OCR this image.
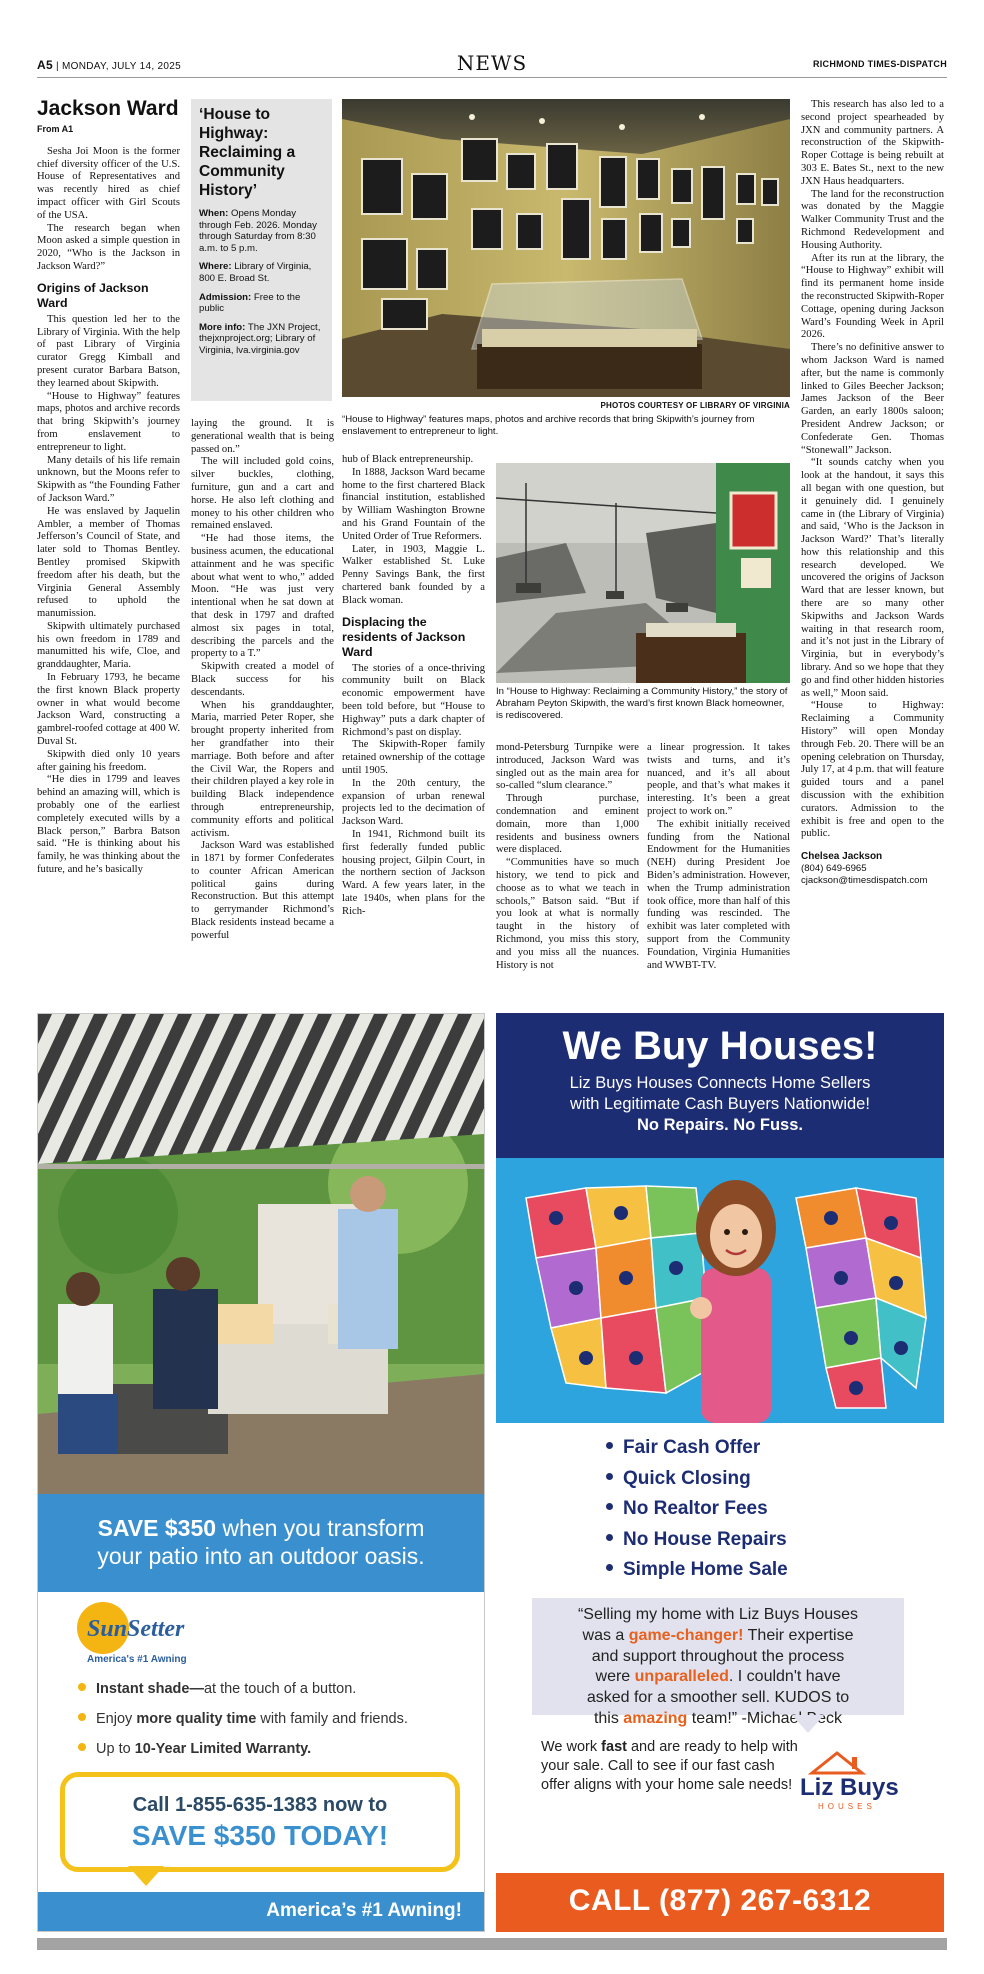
A5 | MONDAY, JULY 14, 2025	NEWS	RICHMOND TIMES-DISPATCH
Jackson Ward
From A1

Sesha Joi Moon is the former chief diversity officer of the U.S. House of Representatives and was recently hired as chief impact officer with Girl Scouts of the USA.

The research began when Moon asked a simple question in 2020, “Who is the Jackson in Jackson Ward?”

Origins of Jackson Ward

This question led her to the Library of Virginia. With the help of past Library of Virginia curator Gregg Kimball and present curator Barbara Batson, they learned about Skipwith.

“House to Highway” features maps, photos and archive records that bring Skipwith’s journey from enslavement to entrepreneur to light.

Many details of his life remain unknown, but the Moons refer to Skipwith as “the Founding Father of Jackson Ward.”

He was enslaved by Jaquelin Ambler, a member of Thomas Jefferson’s Council of State, and later sold to Thomas Bentley. Bentley promised Skipwith freedom after his death, but the Virginia General Assembly refused to uphold the manumission.

Skipwith ultimately purchased his own freedom in 1789 and manumitted his wife, Cloe, and granddaughter, Maria.

In February 1793, he became the first known Black property owner in what would become Jackson Ward, constructing a gambrel-roofed cottage at 400 W. Duval St.

Skipwith died only 10 years after gaining his freedom.

“He dies in 1799 and leaves behind an amazing will, which is probably one of the earliest completely executed wills by a Black person,” Barbra Batson said. “He is thinking about his family, he was thinking about the future, and he’s basically

‘House to Highway: Reclaiming a Community History’
When: Opens Monday through Feb. 2026. Monday through Saturday from 8:30 a.m. to 5 p.m.
Where: Library of Virginia, 800 E. Broad St.
Admission: Free to the public
More info: The JXN Project, thejxnproject.org; Library of Virginia, lva.virginia.gov

laying the ground. It is generational wealth that is being passed on.”

The will included gold coins, silver buckles, clothing, furniture, gun and a cart and horse. He also left clothing and money to his other children who remained enslaved.

“He had those items, the business acumen, the educational attainment and he was specific about what went to who,” added Moon. “He was just very intentional when he sat down at that desk in 1797 and drafted almost six pages in total, describing the parcels and the property to a T.”

Skipwith created a model of Black success for his descendants.

When his granddaughter, Maria, married Peter Roper, she brought property inherited from her grandfather into their marriage. Both before and after the Civil War, the Ropers and their children played a key role in building Black independence through entrepreneurship, community efforts and political activism.

Jackson Ward was established in 1871 by former Confederates to counter African American political gains during Reconstruction. But this attempt to gerrymander Richmond’s Black residents instead became a powerful

PHOTOS COURTESY OF LIBRARY OF VIRGINIA
“House to Highway” features maps, photos and archive records that bring Skipwith’s journey from enslavement to entrepreneur to light.

hub of Black entrepreneurship.

In 1888, Jackson Ward became home to the first chartered Black financial institution, established by William Washington Browne and his Grand Fountain of the United Order of True Reformers.

Later, in 1903, Maggie L. Walker established St. Luke Penny Savings Bank, the first chartered bank founded by a Black woman.

Displacing the residents of Jackson Ward

The stories of a once-thriving community built on Black economic empowerment have been told before, but “House to Highway” puts a dark chapter of Richmond’s past on display.

The Skipwith-Roper family retained ownership of the cottage until 1905.

In the 20th century, the expansion of urban renewal projects led to the decimation of Jackson Ward.

In 1941, Richmond built its first federally funded public housing project, Gilpin Court, in the northern section of Jackson Ward. A few years later, in the late 1940s, when plans for the Rich-

In “House to Highway: Reclaiming a Community History,” the story of Abraham Peyton Skipwith, the ward’s first known Black homeowner, is rediscovered.

mond-Petersburg Turnpike were introduced, Jackson Ward was singled out as the main area for so-called “slum clearance.”

Through purchase, condemnation and eminent domain, more than 1,000 residents and business owners were displaced.

“Communities have so much history, we tend to pick and choose as to what we teach in schools,” Batson said. “But if you look at what is normally taught in the history of Richmond, you miss this story, and you miss all the nuances. History is not

a linear progression. It takes twists and turns, and it’s nuanced, and it’s all about people, and that’s what makes it interesting. It’s been a great project to work on.”

The exhibit initially received funding from the National Endowment for the Humanities (NEH) during President Joe Biden’s administration. However, when the Trump administration took office, more than half of this funding was rescinded. The exhibit was later completed with support from the Community Foundation, Virginia Humanities and WWBT-TV.

This research has also led to a second project spearheaded by JXN and community partners. A reconstruction of the Skipwith-Roper Cottage is being rebuilt at 303 E. Bates St., next to the new JXN Haus headquarters.

The land for the reconstruction was donated by the Maggie Walker Community Trust and the Richmond Redevelopment and Housing Authority.

After its run at the library, the “House to Highway” exhibit will find its permanent home inside the reconstructed Skipwith-Roper Cottage, opening during Jackson Ward’s Founding Week in April 2026.

There’s no definitive answer to whom Jackson Ward is named after, but the name is commonly linked to Giles Beecher Jackson; James Jackson of the Beer Garden, an early 1800s saloon; President Andrew Jackson; or Confederate Gen. Thomas “Stonewall” Jackson.

“It sounds catchy when you look at the handout, it says this all began with one question, but it genuinely did. I genuinely came in (the Library of Virginia) and said, ‘Who is the Jackson in Jackson Ward?’ That’s literally how this relationship and this research developed. We uncovered the origins of Jackson Ward that are lesser known, but there are so many other Skipwiths and Jackson Wards waiting in that research room, and it’s not just in the Library of Virginia, but in everybody’s library. And so we hope that they go and find other hidden histories as well,” Moon said.

“House to Highway: Reclaiming a Community History” will open Monday through Feb. 20. There will be an opening celebration on Thursday, July 17, at 4 p.m. that will feature guided tours and a panel discussion with the exhibition curators. Admission to the exhibit is free and open to the public.

Chelsea Jackson
(804) 649-6965
cjackson@timesdispatch.com
SAVE $350 when you transform
your patio into an outdoor oasis.
SunSetter
America's #1 Awning
Instant shade—at the touch of a button.
Enjoy more quality time with family and friends.
Up to 10-Year Limited Warranty.
Call 1-855-635-1383 now to
SAVE $350 TODAY!
America’s #1 Awning!
We Buy Houses!
Liz Buys Houses Connects Home Sellers
with Legitimate Cash Buyers Nationwide!
No Repairs. No Fuss.
Fair Cash Offer
Quick Closing
No Realtor Fees
No House Repairs
Simple Home Sale
“Selling my home with Liz Buys Houses
was a game-changer! Their expertise
and support throughout the process
were unparalleled. I couldn't have
asked for a smoother sell. KUDOS to
this amazing team!” -Michael Beck
We work fast and are ready to help with your sale. Call to see if our fast cash offer aligns with your home sale needs! Liz Buys
HOUSES
CALL (877) 267-6312
